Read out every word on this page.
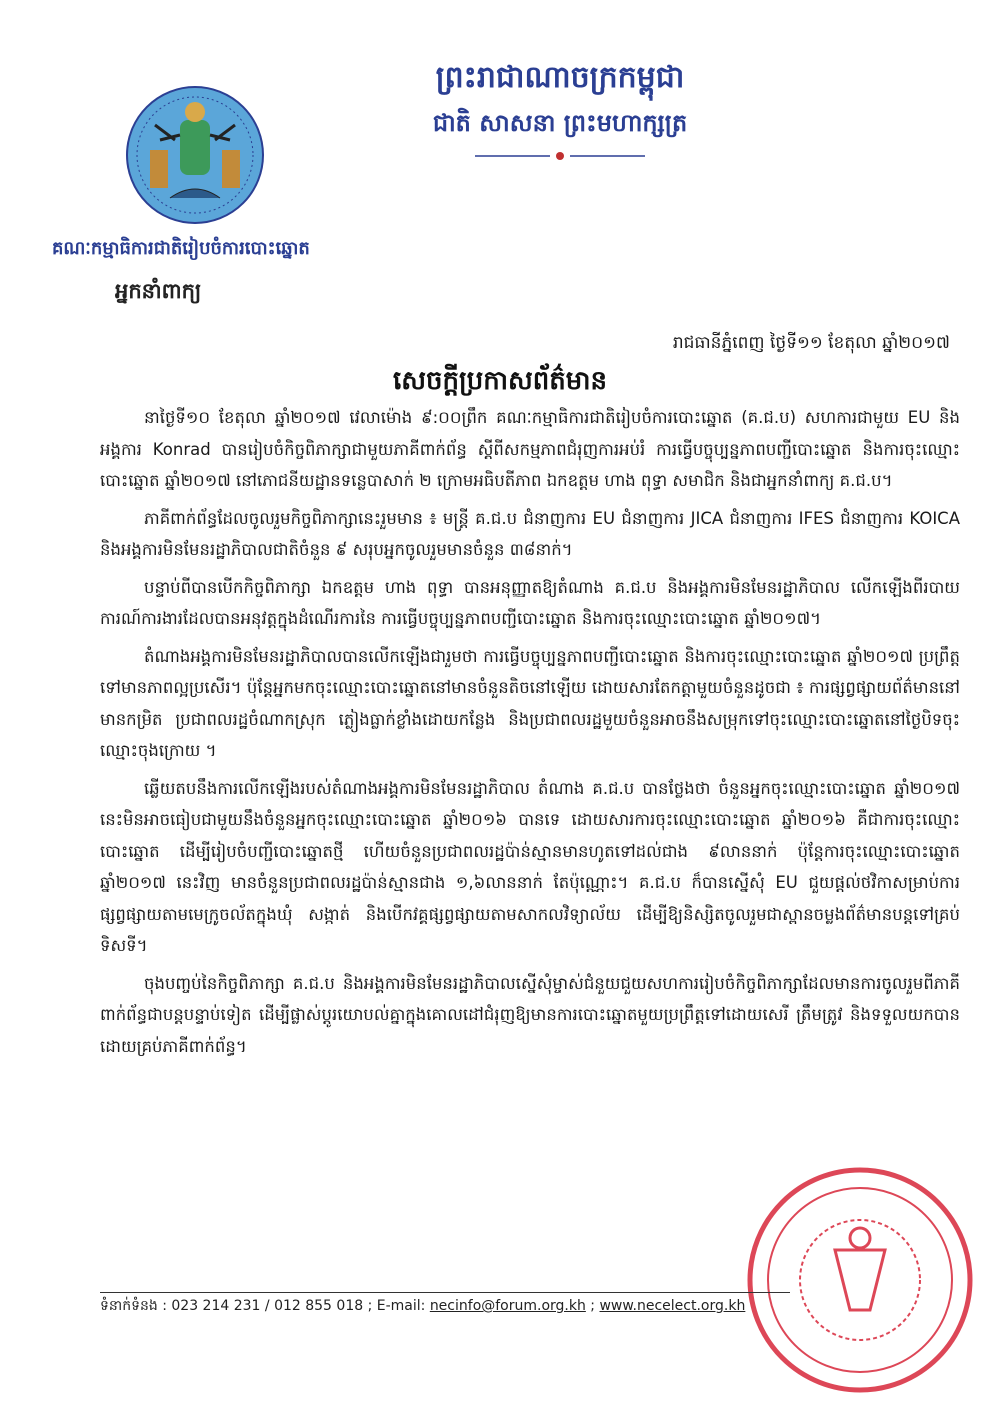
ព្រះរាជាណាចក្រកម្ពុជា
ជាតិ សាសនា ព្រះមហាក្សត្រ
គណៈកម្មាធិការជាតិរៀបចំការបោះឆ្នោត
អ្នកនាំពាក្យ
រាជធានីភ្នំពេញ ថ្ងៃទី១១ ខែតុលា ឆ្នាំ២០១៧
សេចក្តីប្រកាសព័ត៌មាន

នាថ្ងៃទី១០ ខែតុលា ឆ្នាំ២០១៧ វេលាម៉ោង ៩:០០ព្រឹក គណៈកម្មាធិការជាតិរៀបចំការបោះឆ្នោត (គ.ជ.ប) សហការជាមួយ EU និងអង្គការ Konrad បានរៀបចំកិច្ចពិភាក្សាជាមួយភាគីពាក់ព័ន្ធ ស្តីពីសកម្មភាពជំរុញការអប់រំ ការធ្វើបច្ចុប្បន្នភាពបញ្ជីបោះឆ្នោត និងការចុះឈ្មោះបោះឆ្នោត ឆ្នាំ២០១៧ នៅភោជនីយដ្ឋានទន្លេបាសាក់ ២ ក្រោមអធិបតីភាព ឯកឧត្តម ហាង ពុទ្ធា សមាជិក និងជាអ្នកនាំពាក្យ គ.ជ.ប។

ភាគីពាក់ព័ន្ធដែលចូលរួមកិច្ចពិភាក្សានេះរួមមាន ៖ មន្ត្រី គ.ជ.ប ជំនាញការ EU ជំនាញការ JICA ជំនាញការ IFES ជំនាញការ KOICA និងអង្គការមិនមែនរដ្ឋាភិបាលជាតិចំនួន ៩ សរុបអ្នកចូលរួមមានចំនួន ៣៨នាក់។

បន្ទាប់ពីបានបើកកិច្ចពិភាក្សា ឯកឧត្តម ហាង ពុទ្ធា បានអនុញ្ញាតឱ្យតំណាង គ.ជ.ប និងអង្គការមិនមែនរដ្ឋាភិបាល លើកឡើងពីរបាយការណ៍ការងារដែលបានអនុវត្តក្នុងដំណើរការនៃ ការធ្វើបច្ចុប្បន្នភាពបញ្ជីបោះឆ្នោត និងការចុះឈ្មោះបោះឆ្នោត ឆ្នាំ២០១៧។

តំណាងអង្គការមិនមែនរដ្ឋាភិបាលបានលើកឡើងជារួមថា ការធ្វើបច្ចុប្បន្នភាពបញ្ជីបោះឆ្នោត និងការចុះឈ្មោះបោះឆ្នោត ឆ្នាំ២០១៧ ប្រព្រឹត្តទៅមានភាពល្អប្រសើរ។ ប៉ុន្តែអ្នកមកចុះឈ្មោះបោះឆ្នោតនៅមានចំនួនតិចនៅឡើយ ដោយសារតែកត្តាមួយចំនួនដូចជា ៖ ការផ្សព្វផ្សាយព័ត៌មាននៅមានកម្រិត ប្រជាពលរដ្ឋចំណាកស្រុក ភ្លៀងធ្លាក់ខ្លាំងដោយកន្លែង និងប្រជាពលរដ្ឋមួយចំនួនអាចនឹងសម្រុកទៅចុះឈ្មោះបោះឆ្នោតនៅថ្ងៃបិទចុះឈ្មោះចុងក្រោយ ។

ឆ្លើយតបនឹងការលើកឡើងរបស់តំណាងអង្គការមិនមែនរដ្ឋាភិបាល តំណាង គ.ជ.ប បានថ្លែងថា ចំនួនអ្នកចុះឈ្មោះបោះឆ្នោត ឆ្នាំ២០១៧ នេះមិនអាចធៀបជាមួយនឹងចំនួនអ្នកចុះឈ្មោះបោះឆ្នោត ឆ្នាំ២០១៦ បានទេ ដោយសារការចុះឈ្មោះបោះឆ្នោត ឆ្នាំ២០១៦ គឺជាការចុះឈ្មោះបោះឆ្នោត ដើម្បីរៀបចំបញ្ជីបោះឆ្នោតថ្មី ហើយចំនួនប្រជាពលរដ្ឋប៉ាន់ស្មានមានហូតទៅដល់ជាង ៩លាននាក់ ប៉ុន្តែការចុះឈ្មោះបោះឆ្នោត ឆ្នាំ២០១៧ នេះវិញ មានចំនួនប្រជាពលរដ្ឋប៉ាន់ស្មានជាង ១,៦លាននាក់ តែប៉ុណ្ណោះ។ គ.ជ.ប ក៏បានស្នើសុំ EU ជួយផ្តល់ថវិកាសម្រាប់ការផ្សព្វផ្សាយតាមមេក្រូចល័តក្នុងឃុំ សង្កាត់ និងបើកវគ្គផ្សព្វផ្សាយតាមសាកលវិទ្យាល័យ ដើម្បីឱ្យនិស្សិតចូលរួមជាស្ពានចម្លងព័ត៌មានបន្តទៅគ្រប់ទិសទី។

ចុងបញ្ចប់នៃកិច្ចពិភាក្សា គ.ជ.ប និងអង្គការមិនមែនរដ្ឋាភិបាលស្នើសុំម្ចាស់ជំនួយជួយសហការរៀបចំកិច្ចពិភាក្សាដែលមានការចូលរួមពីភាគីពាក់ព័ន្ធជាបន្តបន្ទាប់ទៀត ដើម្បីផ្លាស់ប្តូរយោបល់គ្នាក្នុងគោលដៅជំរុញឱ្យមានការបោះឆ្នោតមួយប្រព្រឹត្តទៅដោយសេរី ត្រឹមត្រូវ និងទទួលយកបានដោយគ្រប់ភាគីពាក់ព័ន្ធ។

ទំនាក់ទំនង : 023 214 231 / 012 855 018 ; E-mail: necinfo@forum.org.kh ; www.necelect.org.kh
